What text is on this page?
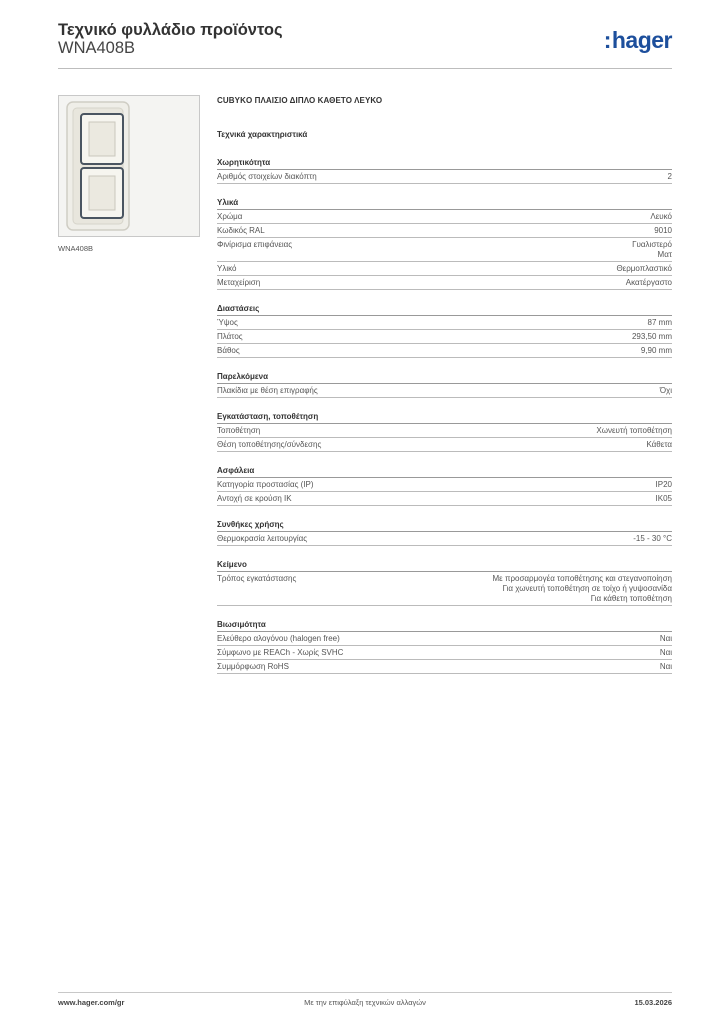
Τεχνικό φυλλάδιο προϊόντος
WNA408B	:hager
WNA408B
CUBYKO ΠΛΑΙΣΙΟ ΔΙΠΛΟ ΚΑΘΕΤΟ ΛΕΥΚΟ
Τεχνικά χαρακτηριστικά
Χωρητικότητα
Αριθμός στοιχείων διακόπτη	2
Υλικά
Χρώμα	Λευκό
Κωδικός RAL	9010
Φινίρισμα επιφάνειας	Γυαλιστερό
Ματ
Υλικό	Θερμοπλαστικό
Μεταχείριση	Ακατέργαστο
Διαστάσεις
Ύψος	87 mm
Πλάτος	293,50 mm
Βάθος	9,90 mm
Παρελκόμενα
Πλακίδια με θέση επιγραφής	Όχι
Εγκατάσταση, τοποθέτηση
Τοποθέτηση	Χωνευτή τοποθέτηση
Θέση τοποθέτησης/σύνδεσης	Κάθετα
Ασφάλεια
Κατηγορία προστασίας (IP)	IP20
Αντοχή σε κρούση IK	IK05
Συνθήκες χρήσης
Θερμοκρασία λειτουργίας	-15 - 30 °C
Κείμενο
Τρόπος εγκατάστασης	Με προσαρμογέα τοποθέτησης και στεγανοποίηση
Για χωνευτή τοποθέτηση σε τοίχο ή γυψοσανίδα
Για κάθετη τοποθέτηση
Βιωσιμότητα
Ελεύθερο αλογόνου (halogen free)	Ναι
Σύμφωνο με REACh - Χωρίς SVHC	Ναι
Συμμόρφωση RoHS	Ναι
www.hager.com/gr	Με την επιφύλαξη τεχνικών αλλαγών	15.03.2026
